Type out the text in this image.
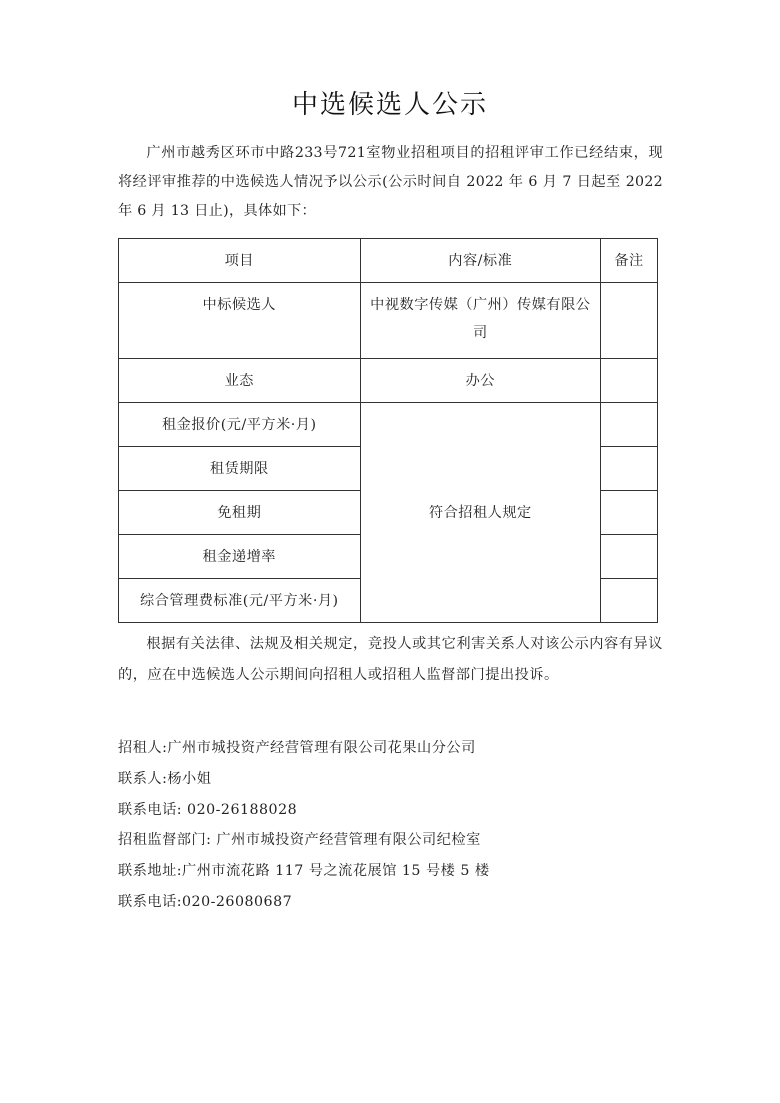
中选候选人公示
广州市越秀区环市中路233号721室物业招租项目的招租评审工作已经结束，现将经评审推荐的中选候选人情况予以公示(公示时间自 2022 年 6 月 7 日起至 2022 年 6 月 13 日止)，具体如下：
项目	内容/标准	备注
中标候选人	中视数字传媒（广州）传媒有限公司	
业态	办公	
租金报价(元/平方米·月)	符合招租人规定	
租赁期限		
免租期		
租金递增率		
综合管理费标准(元/平方米·月)		
根据有关法律、法规及相关规定，竞投人或其它利害关系人对该公示内容有异议的，应在中选候选人公示期间向招租人或招租人监督部门提出投诉。
招租人:广州市城投资产经营管理有限公司花果山分公司
联系人:杨小姐
联系电话: 020-26188028
招租监督部门: 广州市城投资产经营管理有限公司纪检室
联系地址:广州市流花路 117 号之流花展馆 15 号楼 5 楼
联系电话:020-26080687
